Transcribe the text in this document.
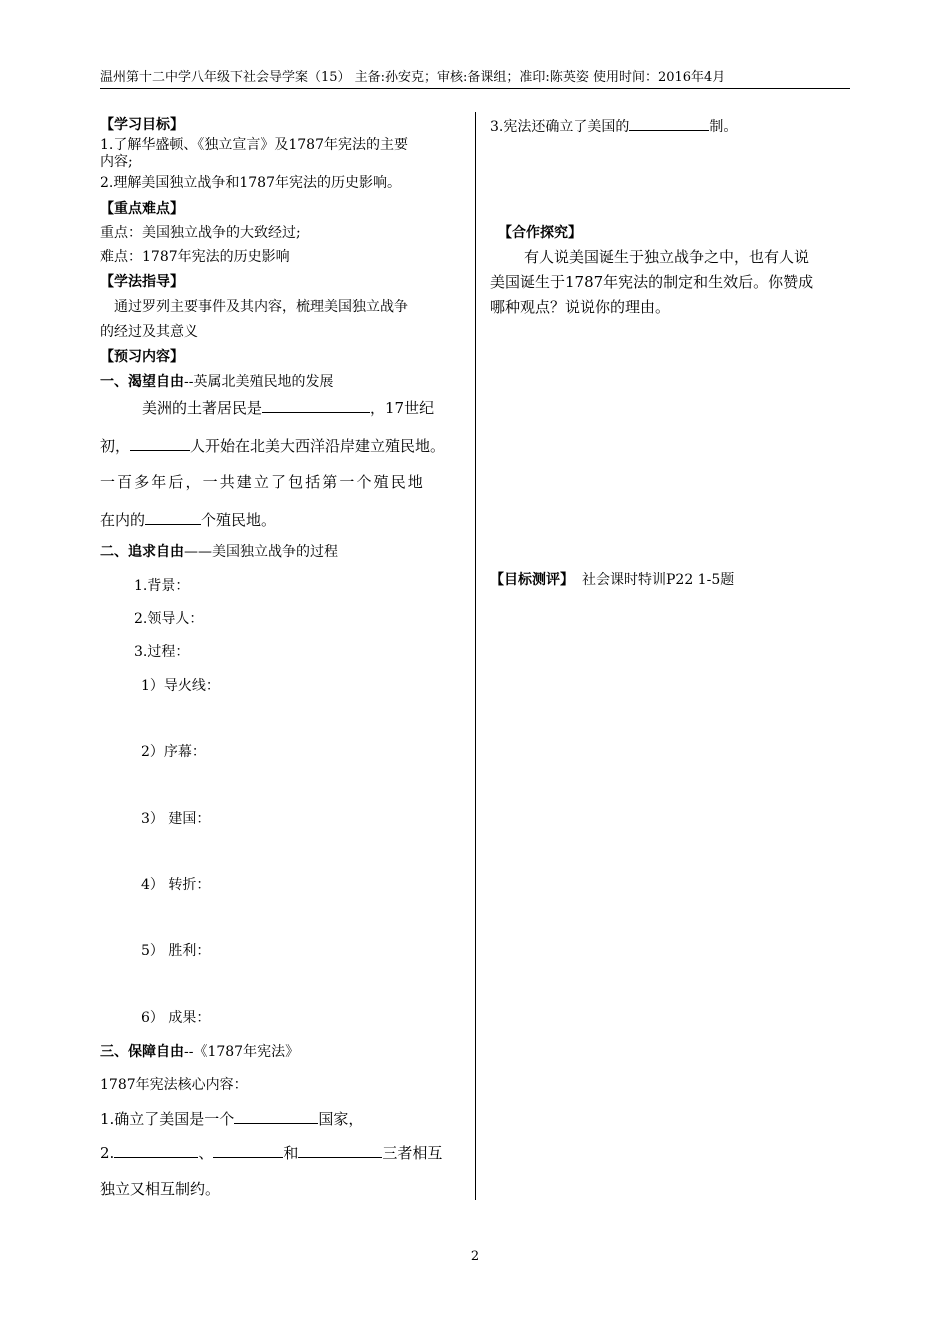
温州第十二中学八年级下社会导学案（15） 主备:孙安克；审核:备课组；准印:陈英姿 使用时间：2016年4月
【学习目标】
1.了解华盛顿、《独立宣言》及1787年宪法的主要
内容;
2.理解美国独立战争和1787年宪法的历史影响。
【重点难点】
重点：美国独立战争的大致经过;
难点：1787年宪法的历史影响
【学法指导】
通过罗列主要事件及其内容，梳理美国独立战争
的经过及其意义
【预习内容】
一、渴望自由--英属北美殖民地的发展
美洲的土著居民是	，17世纪
初，	人开始在北美大西洋沿岸建立殖民地。
一百多年后，一共建立了包括第一个殖民地
在内的	个殖民地。
二、追求自由——美国独立战争的过程
1.背景：
2.领导人：
3.过程：
1）导火线：
2）序幕：
3） 建国：
4） 转折：
5） 胜利：
6） 成果：
三、保障自由--《1787年宪法》
1787年宪法核心内容：
1.确立了美国是一个	国家，
2.	、	和	三者相互
独立又相互制约。
3.宪法还确立了美国的	制。
【合作探究】
有人说美国诞生于独立战争之中，也有人说
美国诞生于1787年宪法的制定和生效后。你赞成
哪种观点？说说你的理由。
【目标测评】 社会课时特训P22 1-5题
2
